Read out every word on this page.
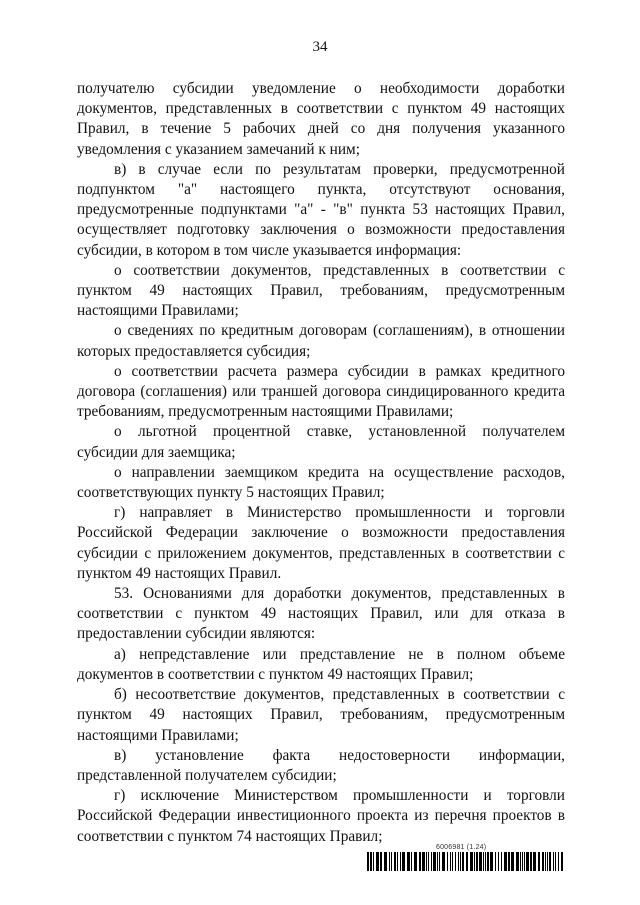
34

получателю субсидии уведомление о необходимости доработки документов, представленных в соответствии с пунктом 49 настоящих Правил, в течение 5 рабочих дней со дня получения указанного уведомления с указанием замечаний к ним;

в) в случае если по результатам проверки, предусмотренной подпунктом "а" настоящего пункта, отсутствуют основания, предусмотренные подпунктами "а" - "в" пункта 53 настоящих Правил, осуществляет подготовку заключения о возможности предоставления субсидии, в котором в том числе указывается информация:

о соответствии документов, представленных в соответствии с пунктом 49 настоящих Правил, требованиям, предусмотренным настоящими Правилами;

о сведениях по кредитным договорам (соглашениям), в отношении которых предоставляется субсидия;

о соответствии расчета размера субсидии в рамках кредитного договора (соглашения) или траншей договора синдицированного кредита требованиям, предусмотренным настоящими Правилами;

о льготной процентной ставке, установленной получателем субсидии для заемщика;

о направлении заемщиком кредита на осуществление расходов, соответствующих пункту 5 настоящих Правил;

г) направляет в Министерство промышленности и торговли Российской Федерации заключение о возможности предоставления субсидии с приложением документов, представленных в соответствии с пунктом 49 настоящих Правил.

53. Основаниями для доработки документов, представленных в соответствии с пунктом 49 настоящих Правил, или для отказа в предоставлении субсидии являются:

а) непредставление или представление не в полном объеме документов в соответствии с пунктом 49 настоящих Правил;

б) несоответствие документов, представленных в соответствии с пунктом 49 настоящих Правил, требованиям, предусмотренным настоящими Правилами;

в) установление факта недостоверности информации, представленной получателем субсидии;

г) исключение Министерством промышленности и торговли Российской Федерации инвестиционного проекта из перечня проектов в соответствии с пунктом 74 настоящих Правил;

6006981 (1.24)
